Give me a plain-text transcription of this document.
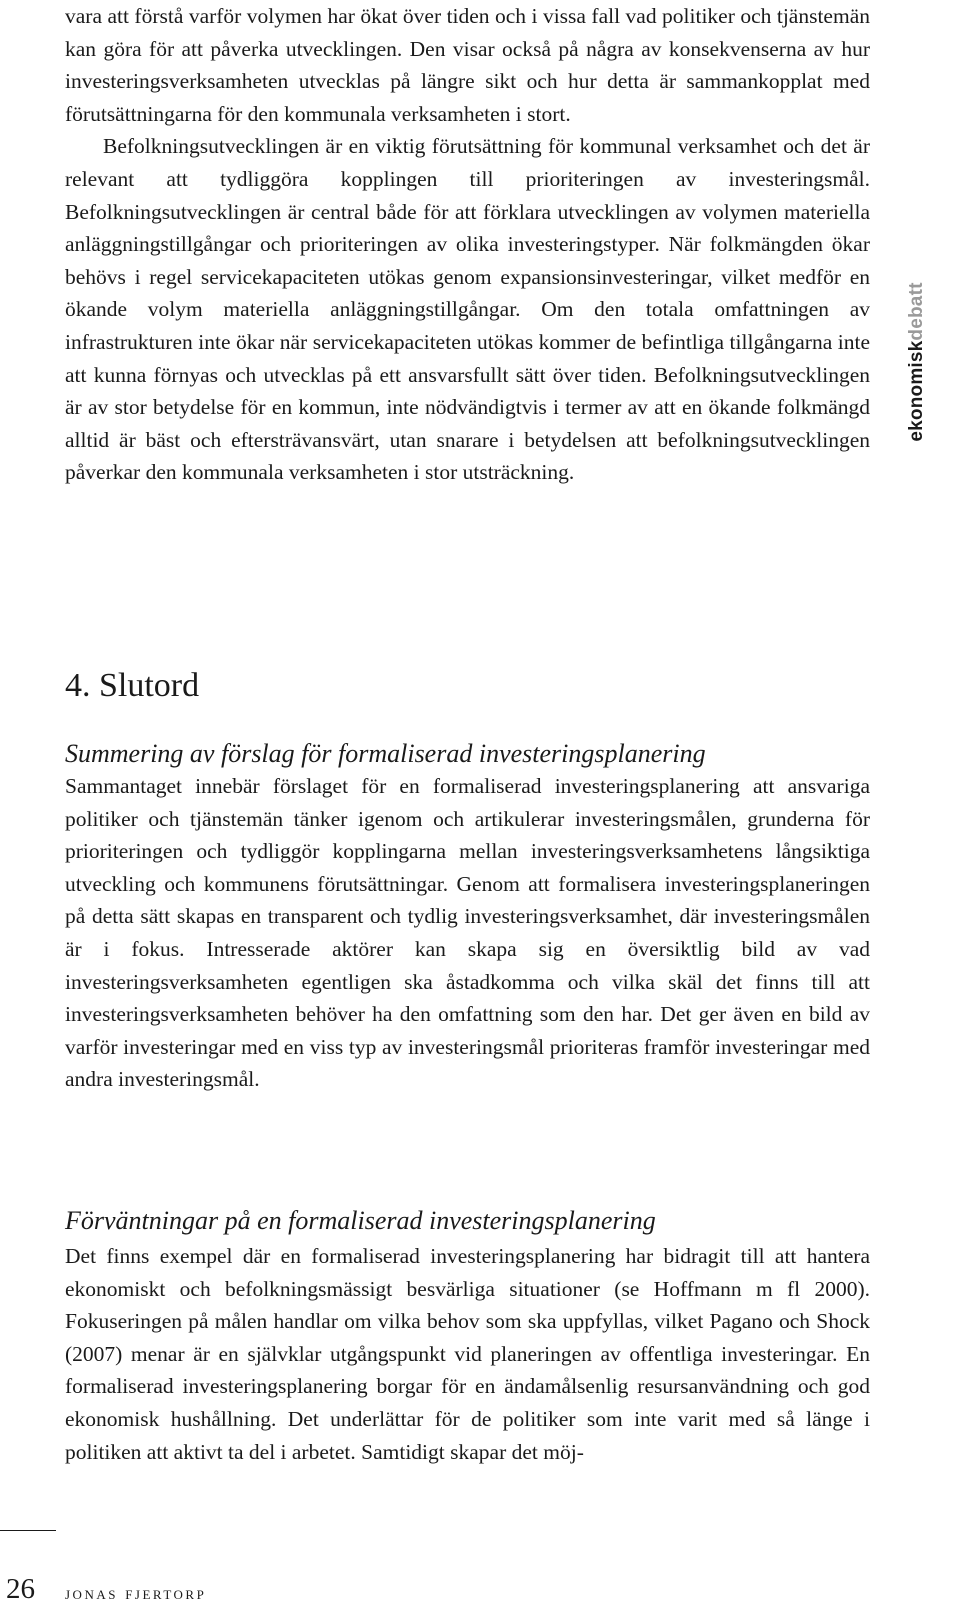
vara att förstå varför volymen har ökat över tiden och i vissa fall vad politiker och tjänstemän kan göra för att påverka utvecklingen. Den visar också på några av konsekvenserna av hur investeringsverksamheten utvecklas på längre sikt och hur detta är sammankopplat med förutsättningarna för den kommunala verksamheten i stort.

Befolkningsutvecklingen är en viktig förutsättning för kommunal verksamhet och det är relevant att tydliggöra kopplingen till prioriteringen av investeringsmål. Befolkningsutvecklingen är central både för att förklara utvecklingen av volymen materiella anläggningstillgångar och prioriteringen av olika investeringstyper. När folkmängden ökar behövs i regel servicekapaciteten utökas genom expansionsinvesteringar, vilket medför en ökande volym materiella anläggningstillgångar. Om den totala omfattningen av infrastrukturen inte ökar när servicekapaciteten utökas kommer de befintliga tillgångarna inte att kunna förnyas och utvecklas på ett ansvarsfullt sätt över tiden. Befolkningsutvecklingen är av stor betydelse för en kommun, inte nödvändigtvis i termer av att en ökande folkmängd alltid är bäst och eftersträvansvärt, utan snarare i betydelsen att befolkningsutvecklingen påverkar den kommunala verksamheten i stor utsträckning.

ekonomiskdebatt
4. Slutord
Summering av förslag för formaliserad investeringsplanering

Sammantaget innebär förslaget för en formaliserad investeringsplanering att ansvariga politiker och tjänstemän tänker igenom och artikulerar investeringsmålen, grunderna för prioriteringen och tydliggör kopplingarna mellan investeringsverksamhetens långsiktiga utveckling och kommunens förutsättningar. Genom att formalisera investeringsplaneringen på detta sätt skapas en transparent och tydlig investeringsverksamhet, där investeringsmålen är i fokus. Intresserade aktörer kan skapa sig en översiktlig bild av vad investeringsverksamheten egentligen ska åstadkomma och vilka skäl det finns till att investeringsverksamheten behöver ha den omfattning som den har. Det ger även en bild av varför investeringar med en viss typ av investeringsmål prioriteras framför investeringar med andra investeringsmål.

Förväntningar på en formaliserad investeringsplanering

Det finns exempel där en formaliserad investeringsplanering har bidragit till att hantera ekonomiskt och befolkningsmässigt besvärliga situationer (se Hoffmann m fl 2000). Fokuseringen på målen handlar om vilka behov som ska uppfyllas, vilket Pagano och Shock (2007) menar är en självklar utgångspunkt vid planeringen av offentliga investeringar. En formaliserad investeringsplanering borgar för en ändamålsenlig resursanvändning och god ekonomisk hushållning. Det underlättar för de politiker som inte varit med så länge i politiken att aktivt ta del i arbetet. Samtidigt skapar det möj-

26 jonas fjertorp
